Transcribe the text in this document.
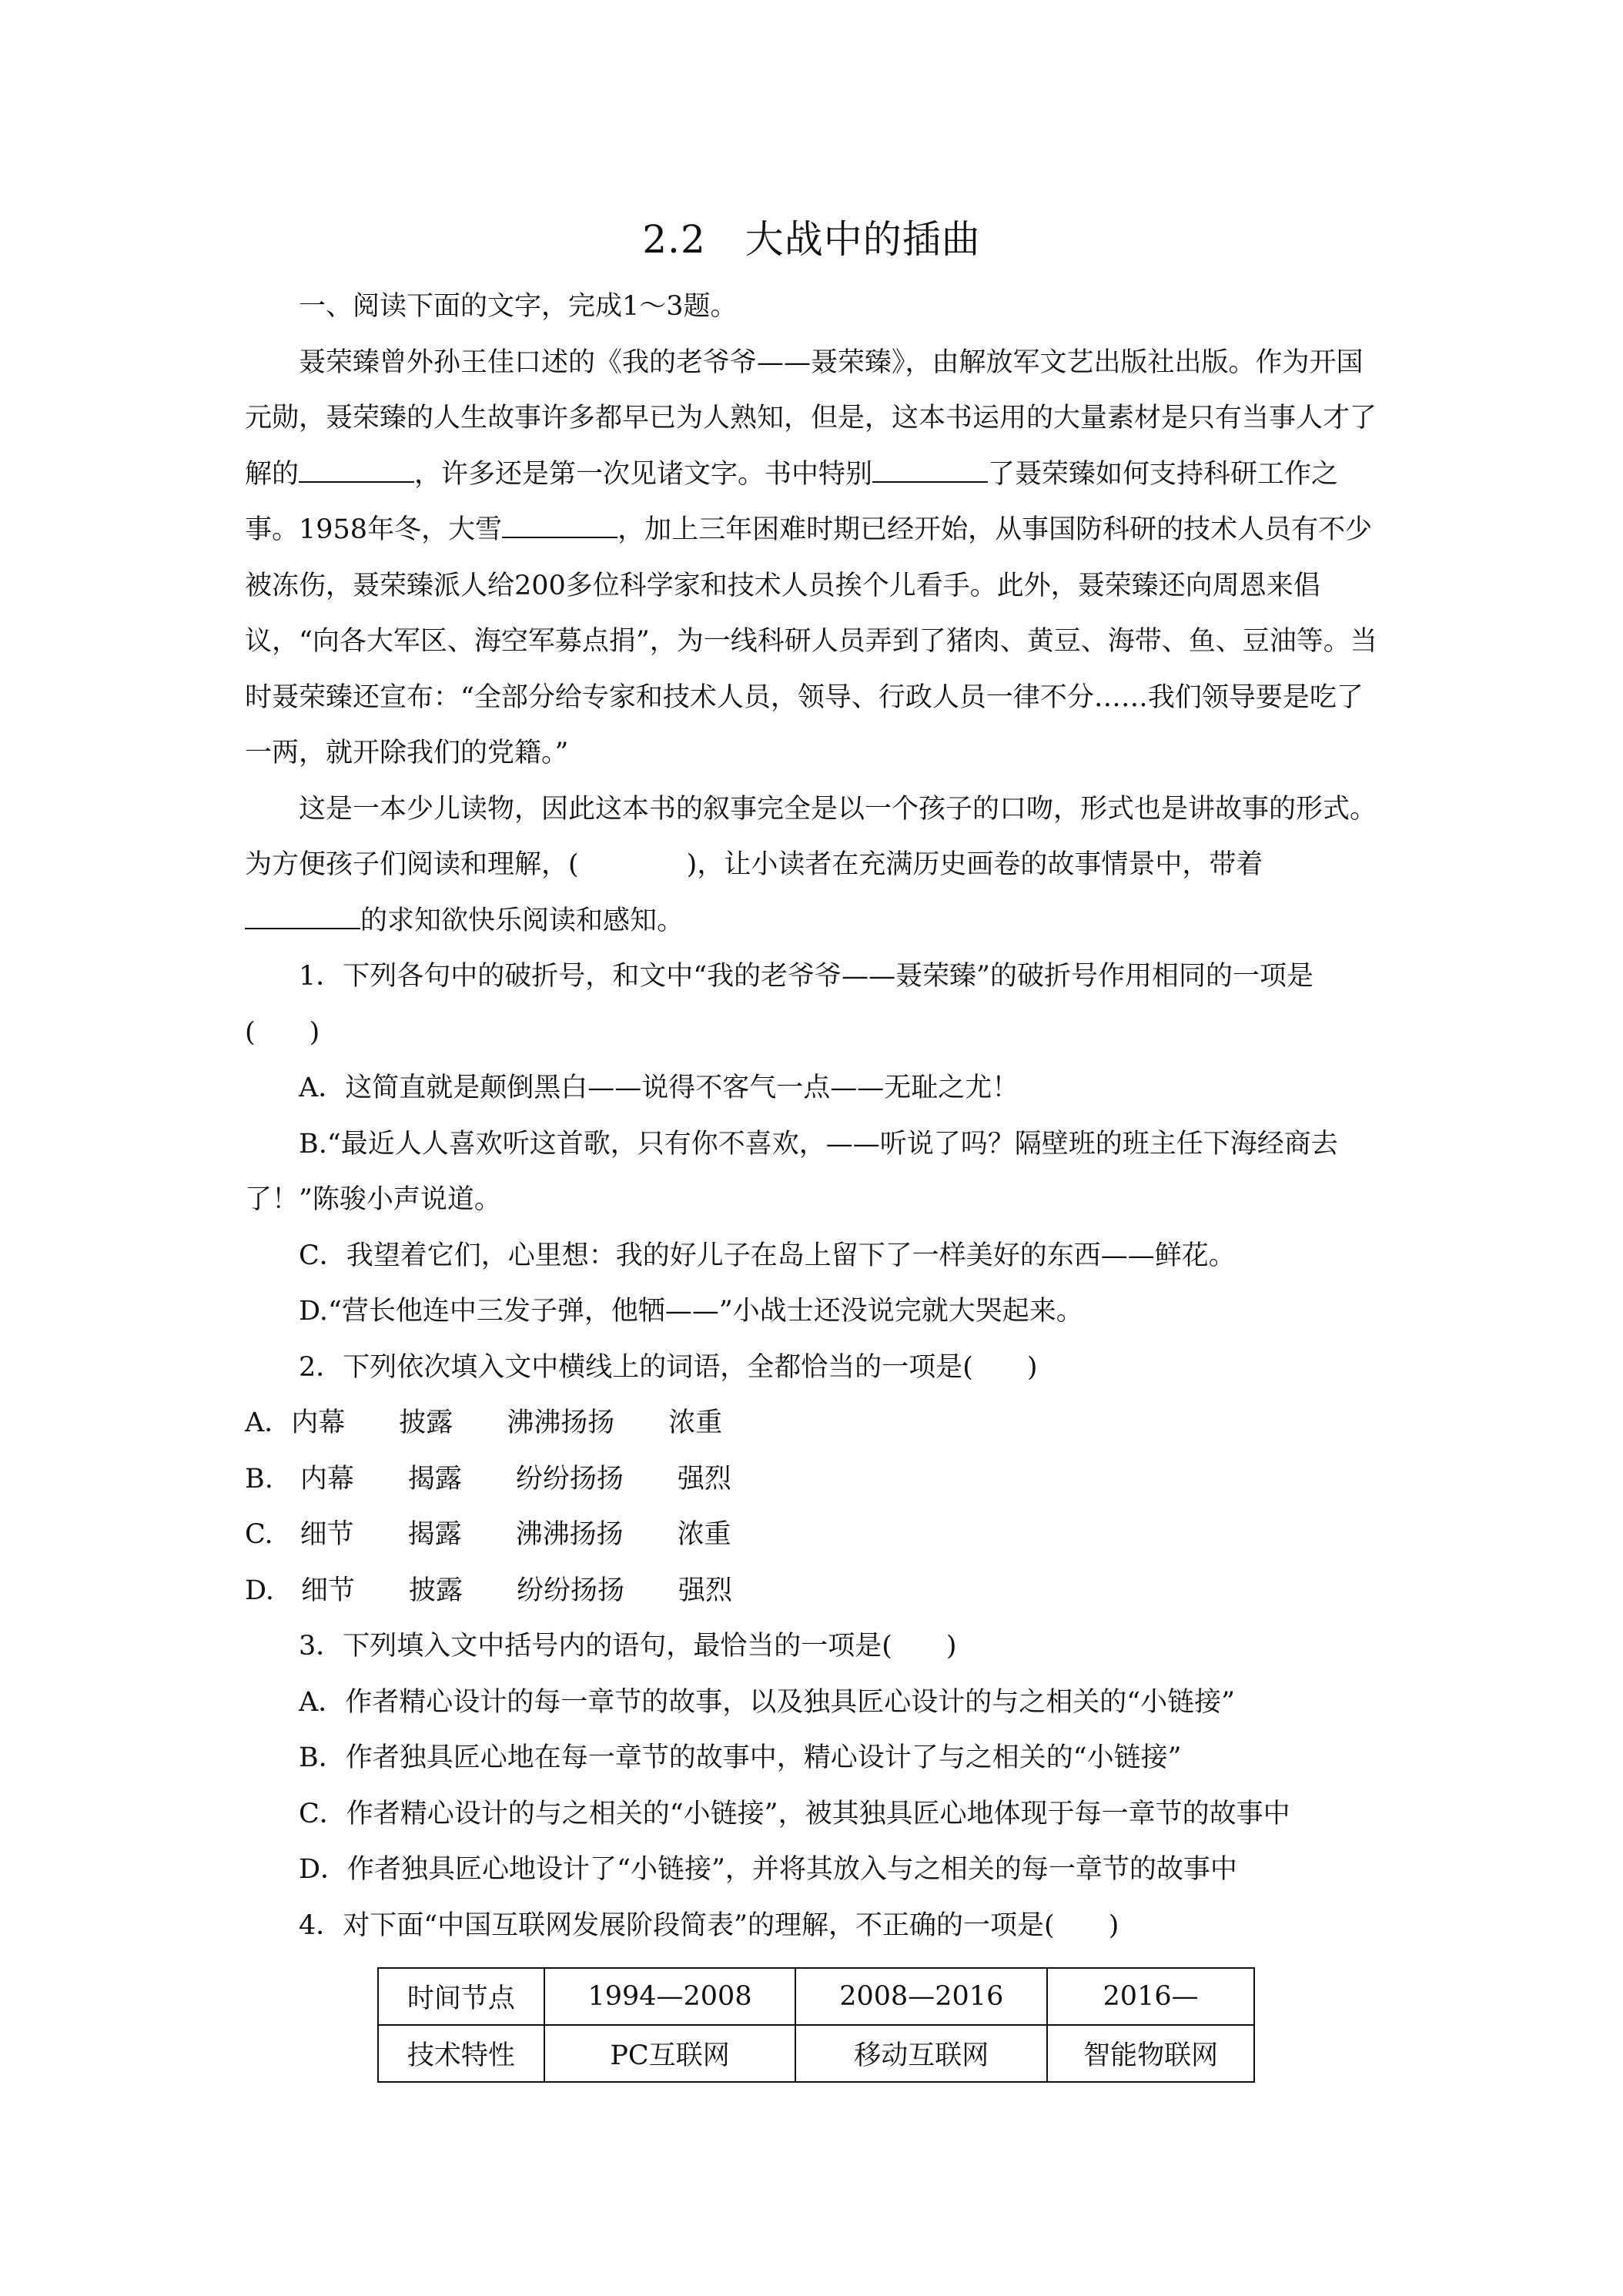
2.2　大战中的插曲

一、阅读下面的文字，完成1～3题。

聂荣臻曾外孙王佳口述的《我的老爷爷——聂荣臻》，由解放军文艺出版社出版。作为开国元勋，聂荣臻的人生故事许多都早已为人熟知，但是，这本书运用的大量素材是只有当事人才了解的	，许多还是第一次见诸文字。书中特别	了聂荣臻如何支持科研工作之事。1958年冬，大雪	，加上三年困难时期已经开始，从事国防科研的技术人员有不少被冻伤，聂荣臻派人给200多位科学家和技术人员挨个儿看手。此外，聂荣臻还向周恩来倡议，“向各大军区、海空军募点捐”，为一线科研人员弄到了猪肉、黄豆、海带、鱼、豆油等。当时聂荣臻还宣布：“全部分给专家和技术人员，领导、行政人员一律不分……我们领导要是吃了一两，就开除我们的党籍。”

这是一本少儿读物，因此这本书的叙事完全是以一个孩子的口吻，形式也是讲故事的形式。为方便孩子们阅读和理解，(　　　　)，让小读者在充满历史画卷的故事情景中，带着
的求知欲快乐阅读和感知。

1．下列各句中的破折号，和文中“我的老爷爷——聂荣臻”的破折号作用相同的一项是(　　)

A．这简直就是颠倒黑白——说得不客气一点——无耻之尤！

B.“最近人人喜欢听这首歌，只有你不喜欢，——听说了吗？隔壁班的班主任下海经商去了！”陈骏小声说道。

C．我望着它们，心里想：我的好儿子在岛上留下了一样美好的东西——鲜花。

D.“营长他连中三发子弹，他牺——”小战士还没说完就大哭起来。

2．下列依次填入文中横线上的词语，全都恰当的一项是(　　)

A．内幕　　披露　　沸沸扬扬　　浓重

B.　内幕　　揭露　　纷纷扬扬　　强烈

C.　细节　　揭露　　沸沸扬扬　　浓重

D.　细节　　披露　　纷纷扬扬　　强烈

3．下列填入文中括号内的语句，最恰当的一项是(　　)

A．作者精心设计的每一章节的故事，以及独具匠心设计的与之相关的“小链接”

B．作者独具匠心地在每一章节的故事中，精心设计了与之相关的“小链接”

C．作者精心设计的与之相关的“小链接”，被其独具匠心地体现于每一章节的故事中

D．作者独具匠心地设计了“小链接”，并将其放入与之相关的每一章节的故事中

4．对下面“中国互联网发展阶段简表”的理解，不正确的一项是(　　)

时间节点	1994—2008	2008—2016	2016—
技术特性	PC互联网	移动互联网	智能物联网
